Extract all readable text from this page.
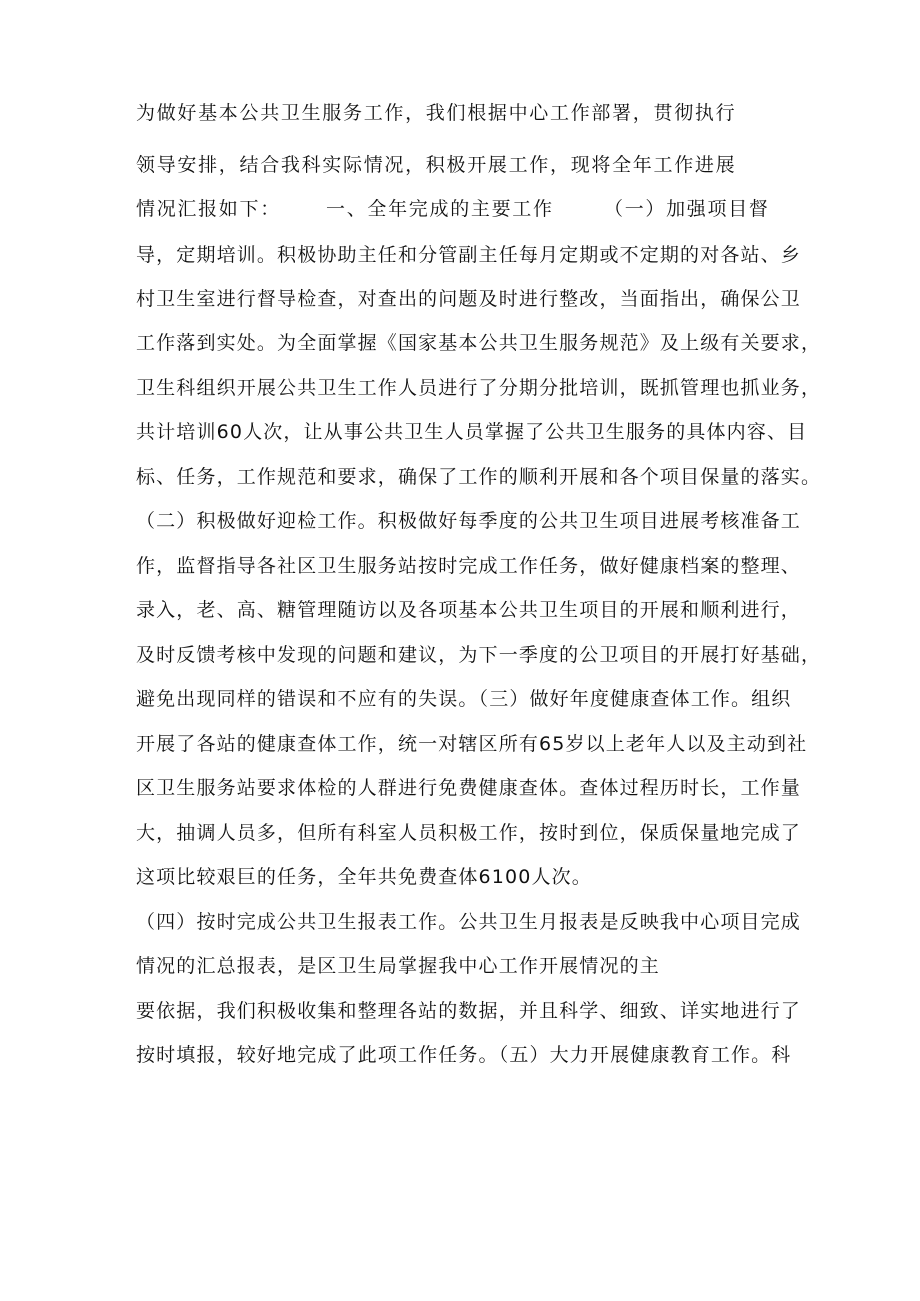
为做好基本公共卫生服务工作，我们根据中心工作部署，贯彻执行
领导安排，结合我科实际情况，积极开展工作，现将全年工作进展
情况汇报如下： 一、全年完成的主要工作	（一）加强项目督
导，定期培训。积极协助主任和分管副主任每月定期或不定期的对各站、乡
村卫生室进行督导检查，对查出的问题及时进行整改，当面指出，确保公卫
工作落到实处。为全面掌握《国家基本公共卫生服务规范》及上级有关要求，
卫生科组织开展公共卫生工作人员进行了分期分批培训，既抓管理也抓业务，
共计培训60人次，让从事公共卫生人员掌握了公共卫生服务的具体内容、目
标、任务，工作规范和要求，确保了工作的顺利开展和各个项目保量的落实。
（二）积极做好迎检工作。积极做好每季度的公共卫生项目进展考核准备工
作，监督指导各社区卫生服务站按时完成工作任务，做好健康档案的整理、
录入，老、高、糖管理随访以及各项基本公共卫生项目的开展和顺利进行，
及时反馈考核中发现的问题和建议，为下一季度的公卫项目的开展打好基础，
避免出现同样的错误和不应有的失误。（三）做好年度健康查体工作。组织
开展了各站的健康查体工作，统一对辖区所有65岁以上老年人以及主动到社
区卫生服务站要求体检的人群进行免费健康查体。查体过程历时长，工作量
大，抽调人员多，但所有科室人员积极工作，按时到位，保质保量地完成了
这项比较艰巨的任务，全年共免费查体6100人次。
（四）按时完成公共卫生报表工作。公共卫生月报表是反映我中心项目完成
情况的汇总报表，是区卫生局掌握我中心工作开展情况的主
要依据，我们积极收集和整理各站的数据，并且科学、细致、详实地进行了
按时填报，较好地完成了此项工作任务。（五）大力开展健康教育工作。科
